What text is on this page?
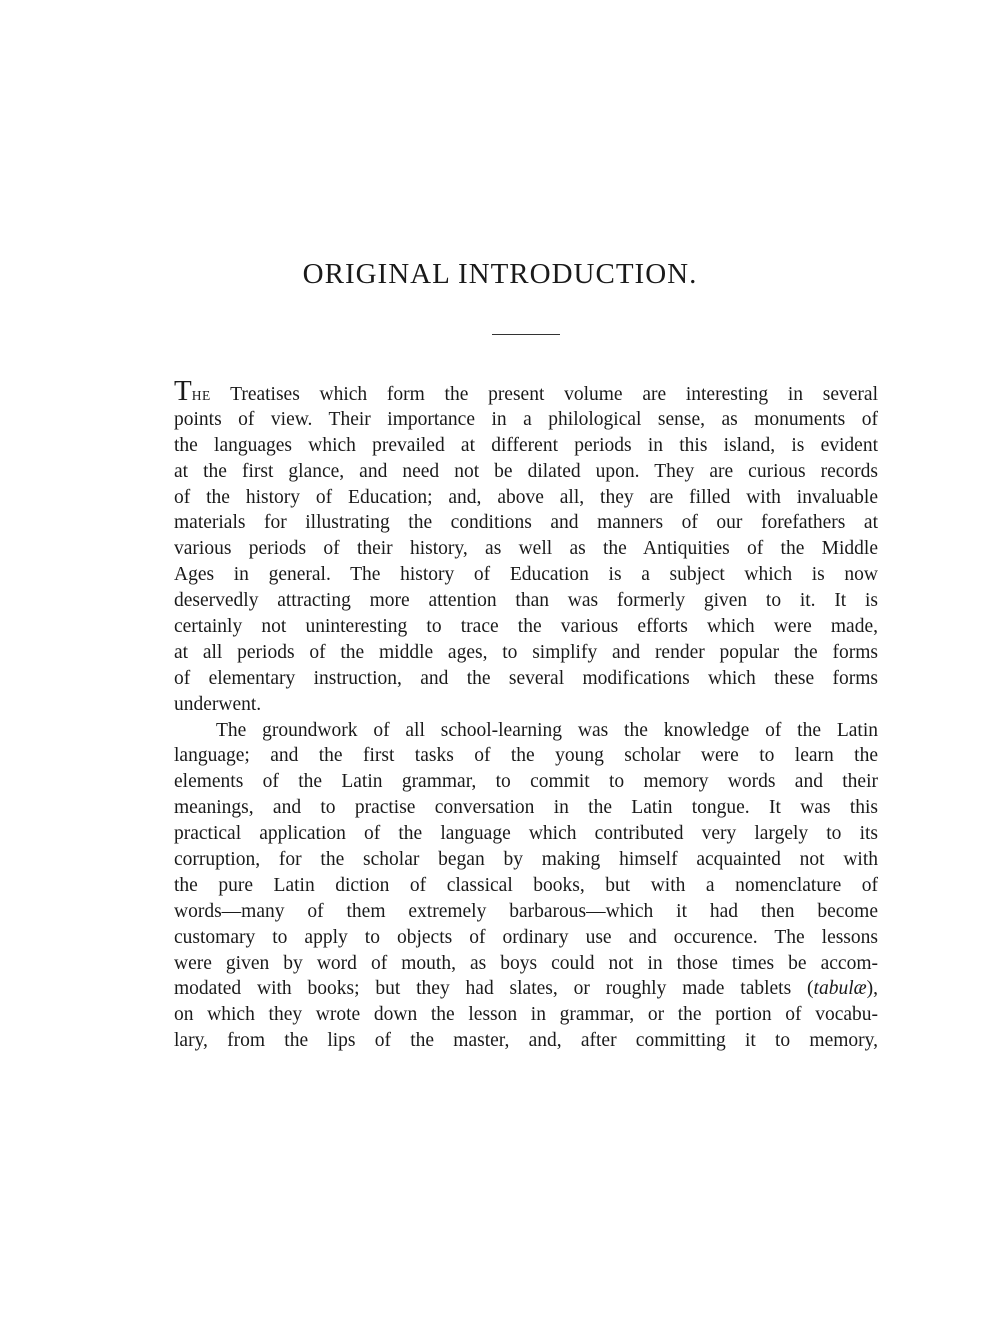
ORIGINAL INTRODUCTION.
THE Treatises which form the present volume are interesting in several
points of view. Their importance in a philological sense, as monuments of
the languages which prevailed at different periods in this island, is evident
at the first glance, and need not be dilated upon. They are curious records
of the history of Education; and, above all, they are filled with invaluable
materials for illustrating the conditions and manners of our forefathers at
various periods of their history, as well as the Antiquities of the Middle
Ages in general. The history of Education is a subject which is now
deservedly attracting more attention than was formerly given to it. It is
certainly not uninteresting to trace the various efforts which were made,
at all periods of the middle ages, to simplify and render popular the forms
of elementary instruction, and the several modifications which these forms
underwent.
The groundwork of all school-learning was the knowledge of the Latin
language; and the first tasks of the young scholar were to learn the
elements of the Latin grammar, to commit to memory words and their
meanings, and to practise conversation in the Latin tongue. It was this
practical application of the language which contributed very largely to its
corruption, for the scholar began by making himself acquainted not with
the pure Latin diction of classical books, but with a nomenclature of
words—many of them extremely barbarous—which it had then become
customary to apply to objects of ordinary use and occurence. The lessons
were given by word of mouth, as boys could not in those times be accom-
modated with books; but they had slates, or roughly made tablets (tabulæ),
on which they wrote down the lesson in grammar, or the portion of vocabu-
lary, from the lips of the master, and, after committing it to memory,
